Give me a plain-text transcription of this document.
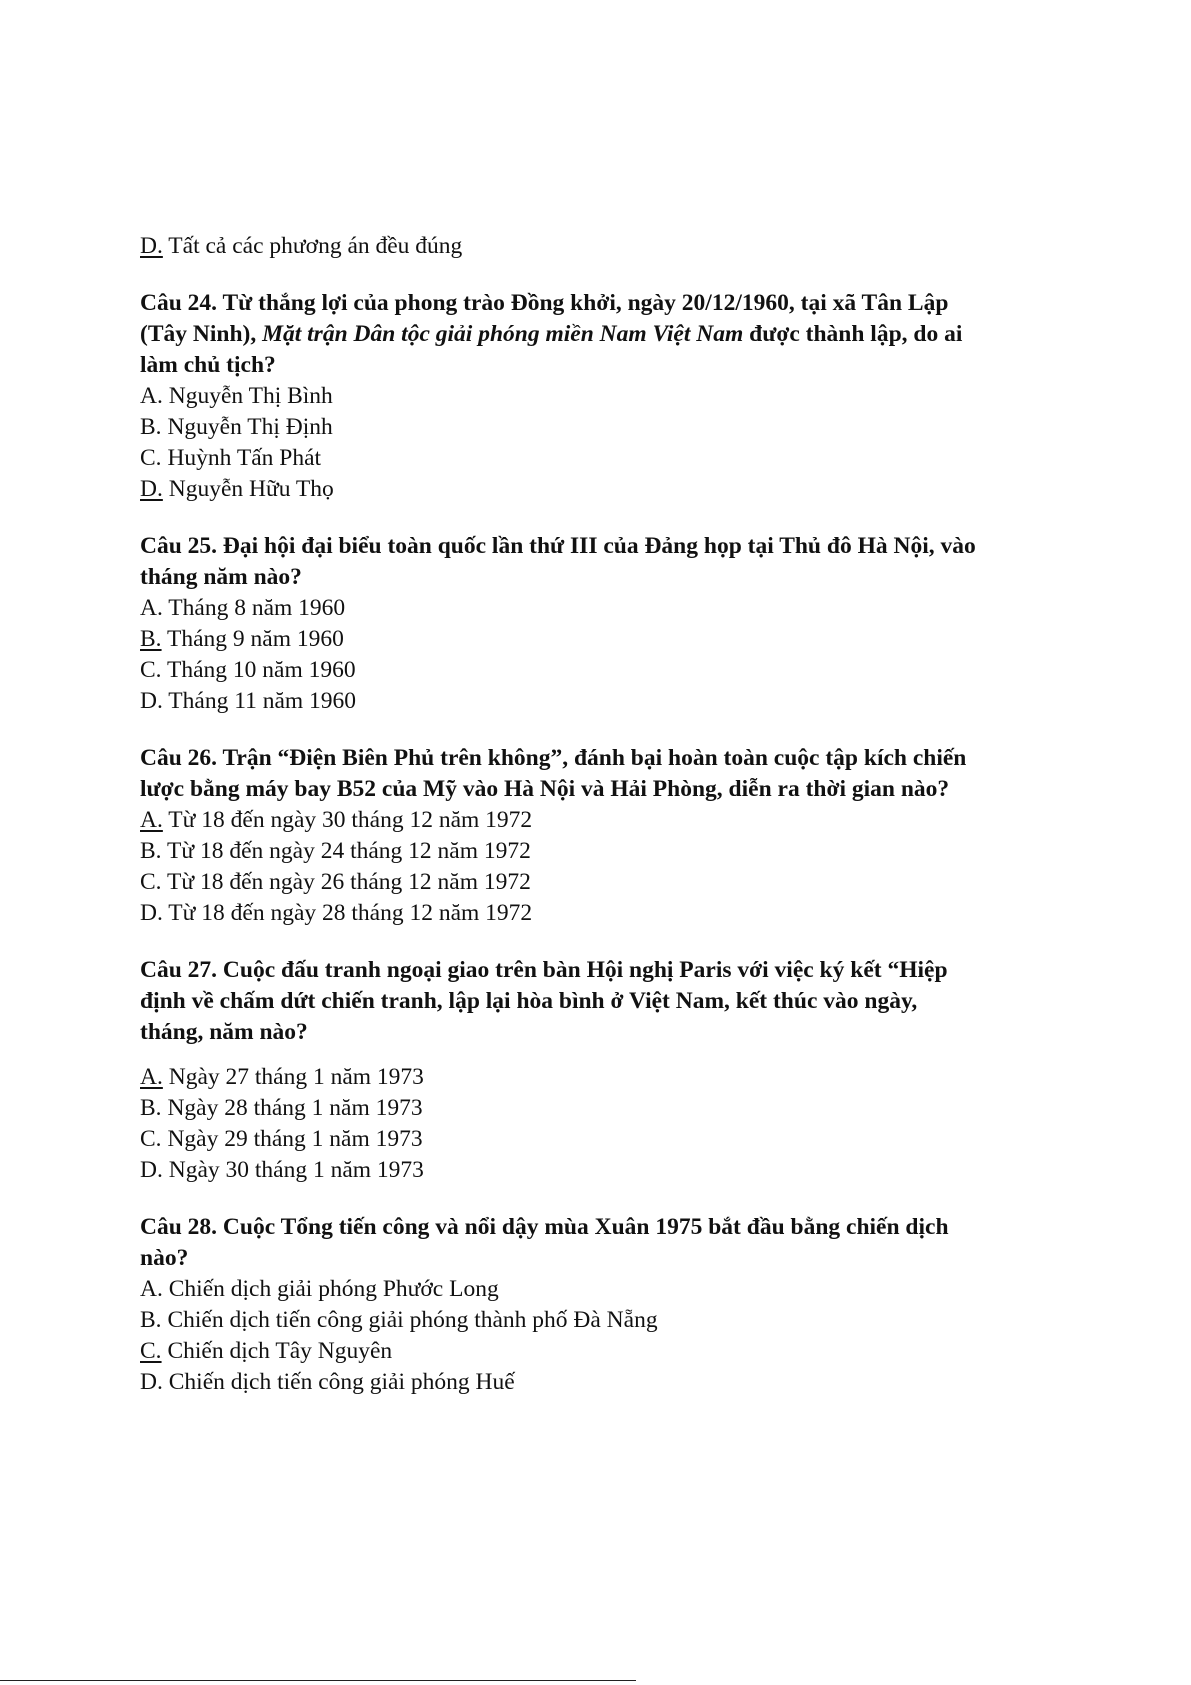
D. Tất cả các phương án đều đúng

Câu 24. Từ thắng lợi của phong trào Đồng khởi, ngày 20/12/1960, tại xã Tân Lập
(Tây Ninh), Mặt trận Dân tộc giải phóng miền Nam Việt Nam được thành lập, do ai
làm chủ tịch?

A. Nguyễn Thị Bình

B. Nguyễn Thị Định

C. Huỳnh Tấn Phát

D. Nguyễn Hữu Thọ

Câu 25. Đại hội đại biểu toàn quốc lần thứ III của Đảng họp tại Thủ đô Hà Nội, vào
tháng năm nào?

A. Tháng 8 năm 1960

B. Tháng 9 năm 1960

C. Tháng 10 năm 1960

D. Tháng 11 năm 1960

Câu 26. Trận “Điện Biên Phủ trên không”, đánh bại hoàn toàn cuộc tập kích chiến
lược bằng máy bay B52 của Mỹ vào Hà Nội và Hải Phòng, diễn ra thời gian nào?

A. Từ 18 đến ngày 30 tháng 12 năm 1972

B. Từ 18 đến ngày 24 tháng 12 năm 1972

C. Từ 18 đến ngày 26 tháng 12 năm 1972

D. Từ 18 đến ngày 28 tháng 12 năm 1972

Câu 27. Cuộc đấu tranh ngoại giao trên bàn Hội nghị Paris với việc ký kết “Hiệp
định về chấm dứt chiến tranh, lập lại hòa bình ở Việt Nam, kết thúc vào ngày,
tháng, năm nào?

A. Ngày 27 tháng 1 năm 1973

B. Ngày 28 tháng 1 năm 1973

C. Ngày 29 tháng 1 năm 1973

D. Ngày 30 tháng 1 năm 1973

Câu 28. Cuộc Tổng tiến công và nổi dậy mùa Xuân 1975 bắt đầu bằng chiến dịch
nào?

A. Chiến dịch giải phóng Phước Long

B. Chiến dịch tiến công giải phóng thành phố Đà Nẵng

C. Chiến dịch Tây Nguyên

D. Chiến dịch tiến công giải phóng Huế
